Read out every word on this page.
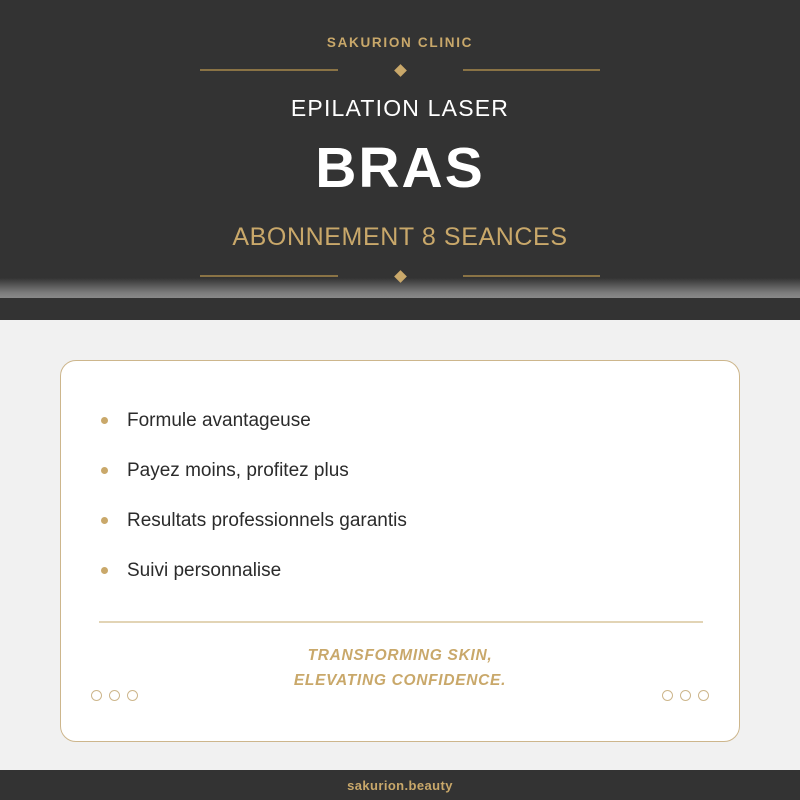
SAKURION CLINIC
EPILATION LASER
BRAS
ABONNEMENT 8 SEANCES
Formule avantageuse
Payez moins, profitez plus
Resultats professionnels garantis
Suivi personnalise
TRANSFORMING SKIN,
ELEVATING CONFIDENCE.
sakurion.beauty
